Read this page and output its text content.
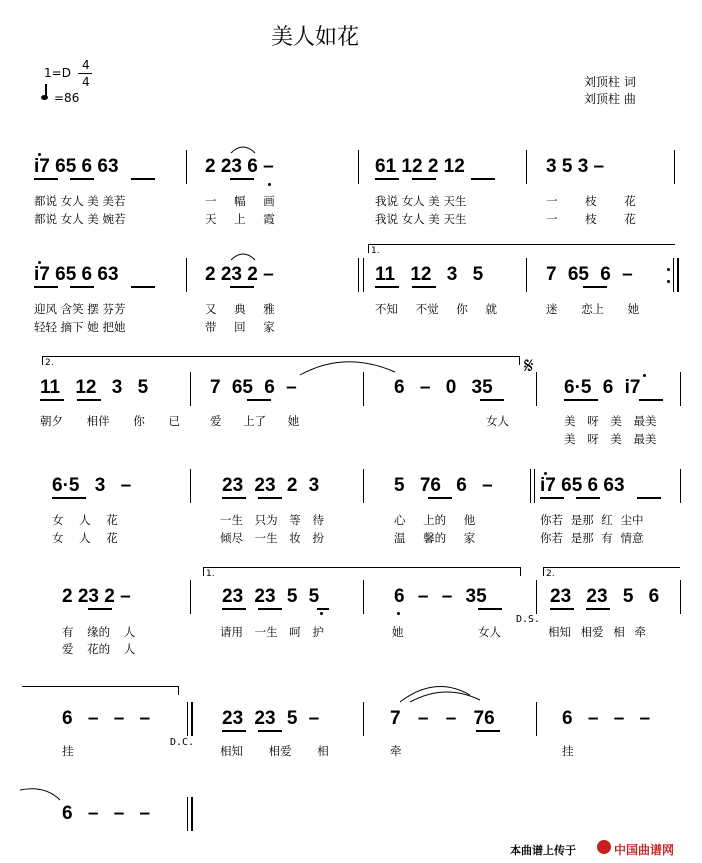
美人如花
1=D
4
4
=86
刘顶柱 词
刘顶柱 曲
i7 65 6 63	2 23 6 –	61 12 2 12	3 5 3 –
都说 女人 美 美若	一 幅 画	我说 女人 美 天生	一 枝 花
都说 女人 美 婉若	天 上 霞	我说 女人 美 天生	一 枝 花
i7 65 6 63	2 23 2 –	11 12 3 5	7 65 6 –
1.
迎风 含笑 摆 芬芳	又 典 雅	不知 不觉 你 就	迷 恋上 她
轻轻 摘下 她 把她	带 回 家
2.
11 12 3 5	7 65 6 –	6 – 0 35	6·5 6 i7
𝄋
朝夕 相伴 你 已	爱 上了 她	女人	美 呀 美 最美
美 呀 美 最美
6·5 3 –	23 23 2 3	5 76 6 – i7 65 6 63
女 人 花	一生 只为 等 待	心 上的 他	你若 是那 红 尘中
女 人 花	倾尽 一生 妆 扮	温 馨的 家	你若 是那 有 情意
1.	2.
2 23 2 –	23 23 5 5	6 – – 35	23 23 5 6
D.S.
有 缘的 人	请用 一生 呵 护	她	女人	相知 相爱 相 牵
爱 花的 人
6 – – –	23 23 5 –	7 – – 76	6 – – –
D.C.
挂	相知 相爱 相	牵	挂
6 – – –
本曲谱上传于	中国曲谱网
